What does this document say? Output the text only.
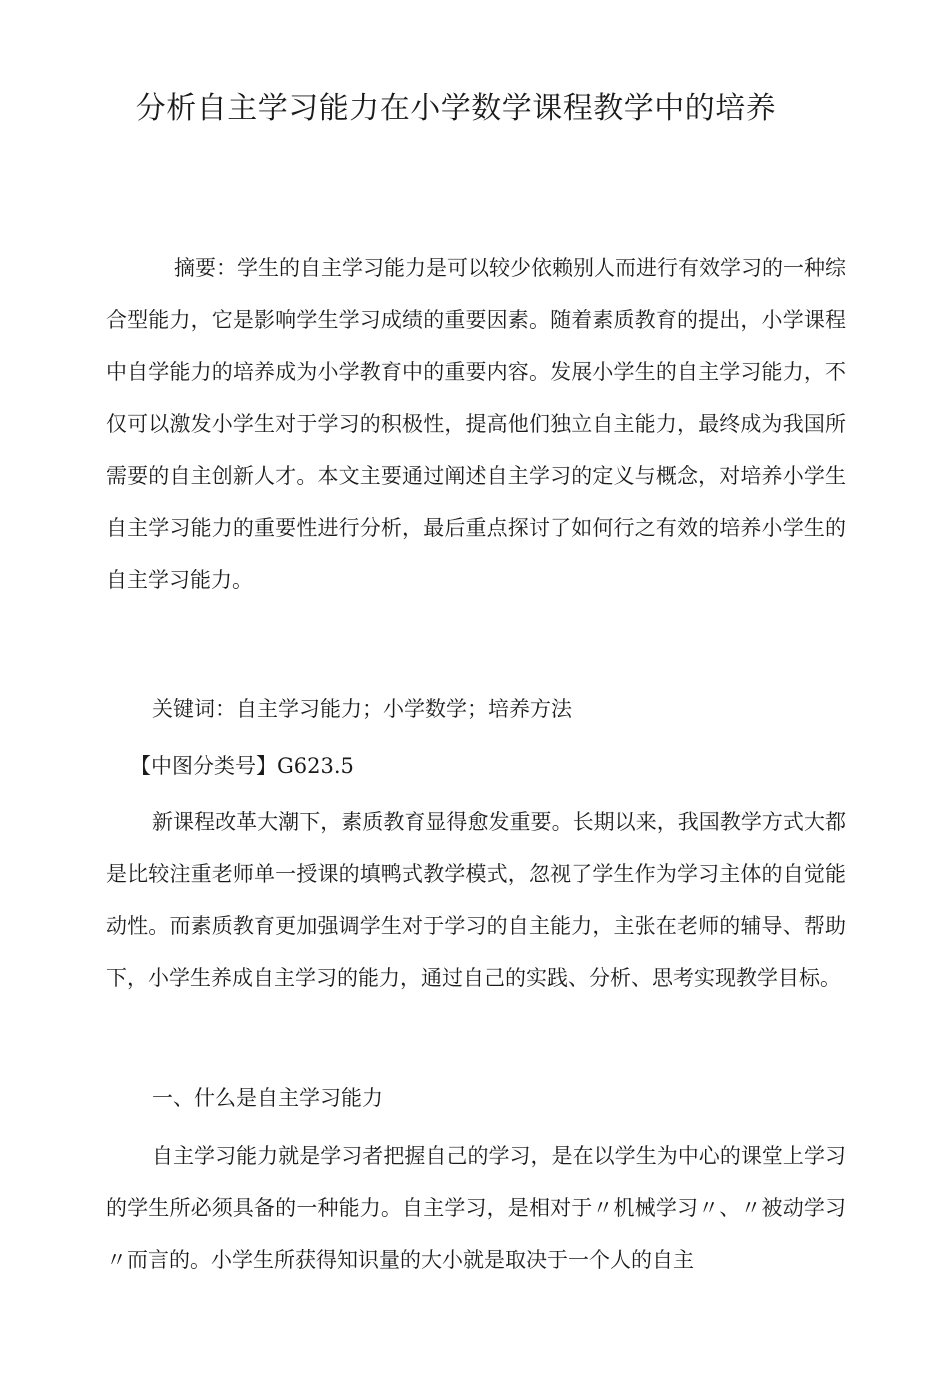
分析自主学习能力在小学数学课程教学中的培养

摘要：学生的自主学习能力是可以较少依赖别人而进行有效学习的一种综合型能力，它是影响学生学习成绩的重要因素。随着素质教育的提出，小学课程中自学能力的培养成为小学教育中的重要内容。发展小学生的自主学习能力，不仅可以激发小学生对于学习的积极性，提高他们独立自主能力，最终成为我国所需要的自主创新人才。本文主要通过阐述自主学习的定义与概念，对培养小学生自主学习能力的重要性进行分析，最后重点探讨了如何行之有效的培养小学生的自主学习能力。

关键词：自主学习能力；小学数学；培养方法

【中图分类号】G623.5

新课程改革大潮下，素质教育显得愈发重要。长期以来，我国教学方式大都是比较注重老师单一授课的填鸭式教学模式，忽视了学生作为学习主体的自觉能动性。而素质教育更加强调学生对于学习的自主能力，主张在老师的辅导、帮助下，小学生养成自主学习的能力，通过自己的实践、分析、思考实现教学目标。

一、什么是自主学习能力

自主学习能力就是学习者把握自己的学习，是在以学生为中心的课堂上学习的学生所必须具备的一种能力。自主学习，是相对于〃机械学习〃、〃被动学习〃而言的。小学生所获得知识量的大小就是取决于一个人的自主
